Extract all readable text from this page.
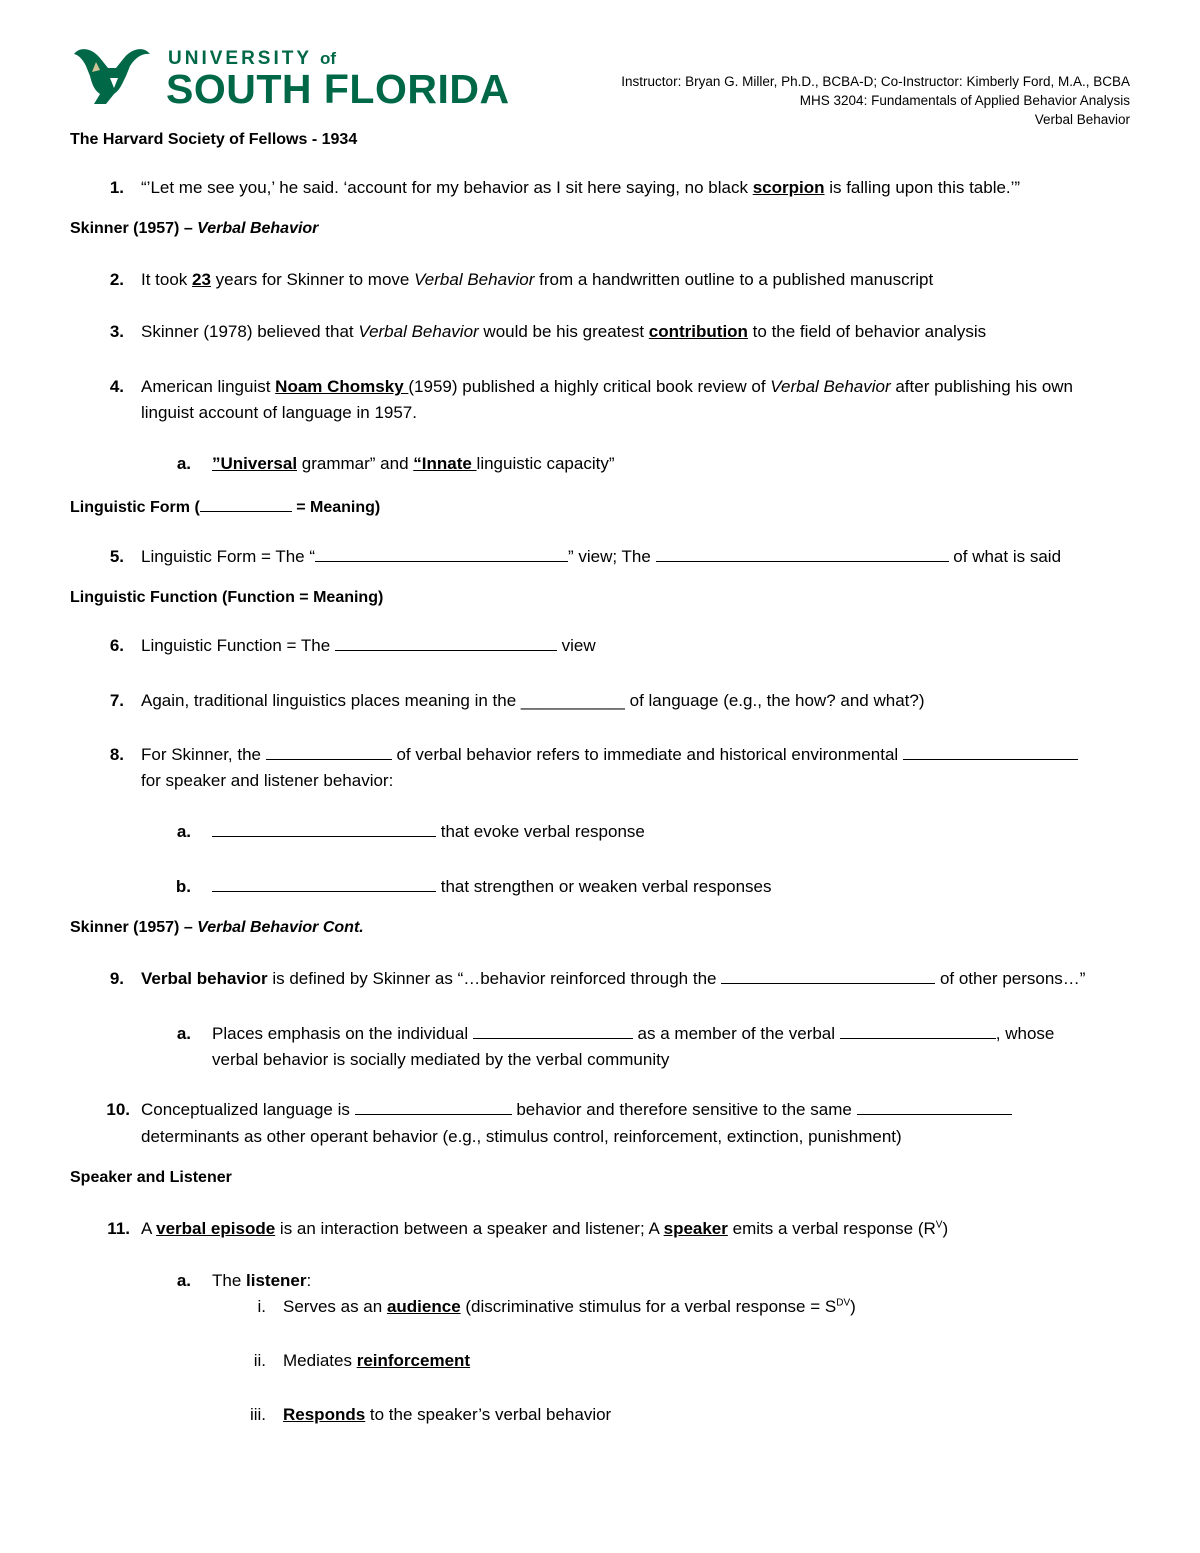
UNIVERSITY of
SOUTH FLORIDA	Instructor: Bryan G. Miller, Ph.D., BCBA-D; Co-Instructor: Kimberly Ford, M.A., BCBA
MHS 3204: Fundamentals of Applied Behavior Analysis
Verbal Behavior
The Harvard Society of Fellows - 1934
1. “’Let me see you,’ he said. ‘account for my behavior as I sit here saying, no black scorpion is falling upon this table.’”
Skinner (1957) – Verbal Behavior
2. It took 23 years for Skinner to move Verbal Behavior from a handwritten outline to a published manuscript
3. Skinner (1978) believed that Verbal Behavior would be his greatest contribution to the field of behavior analysis
4. American linguist Noam Chomsky (1959) published a highly critical book review of Verbal Behavior after publishing his own
linguist account of language in 1957.
a. ”Universal grammar” and “Innate linguistic capacity”
Linguistic Form (	= Meaning)
5. Linguistic Form = The “	” view; The	of what is said
Linguistic Function (Function = Meaning)
6. Linguistic Function = The	view
7. Again, traditional linguistics places meaning in the ___________ of language (e.g., the how? and what?)
8. For Skinner, the	of verbal behavior refers to immediate and historical environmental
for speaker and listener behavior:
a.	that evoke verbal response
b.	that strengthen or weaken verbal responses
Skinner (1957) – Verbal Behavior Cont.
9. Verbal behavior is defined by Skinner as “…behavior reinforced through the	of other persons…”
a. Places emphasis on the individual	as a member of the verbal	, whose
verbal behavior is socially mediated by the verbal community
10. Conceptualized language is	behavior and therefore sensitive to the same
determinants as other operant behavior (e.g., stimulus control, reinforcement, extinction, punishment)
Speaker and Listener
11. A verbal episode is an interaction between a speaker and listener; A speaker emits a verbal response $(R^V)$
a. The listener:
i. Serves as an audience (discriminative stimulus for a verbal response = $S^{DV}$)
ii. Mediates reinforcement
iii. Responds to the speaker’s verbal behavior
